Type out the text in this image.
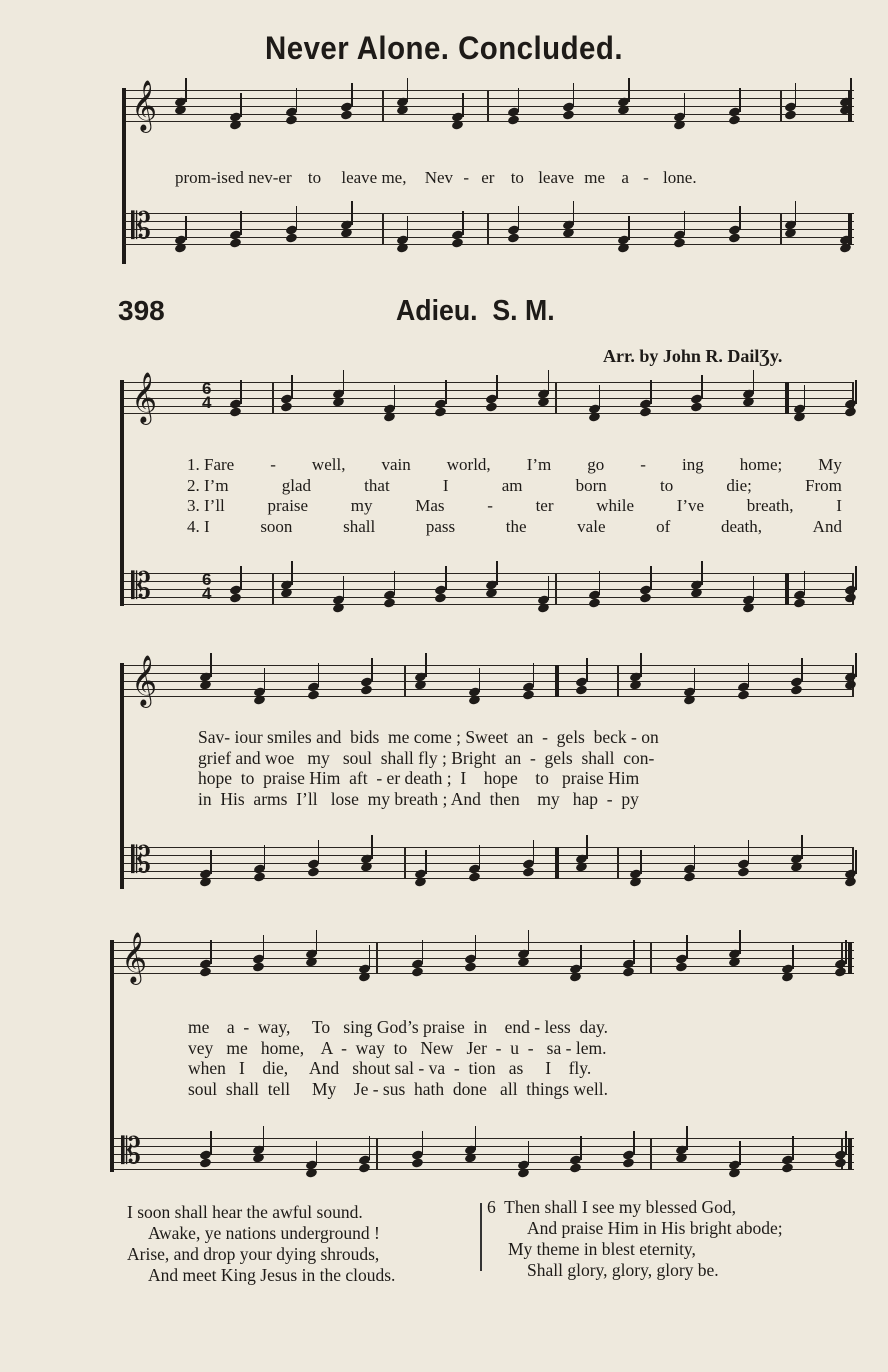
Never Alone. Concluded.
𝄞
𝄡
prom-ised nev-er to leave me, Nev - er to leave me a - lone.
398	Adieu. S. M.
Arr. by John R. DailƷy.
𝄞	6
4
1. Fare - well, vain world, I’m go - ing home; My
2. I’m	glad	that	I	am	born	to	die;	From
3. I’ll	praise	my	Mas	-	ter	while	I’ve	breath,	I
4. I	soon	shall	pass	the	vale	of	death,	And
𝄡	6
4
𝄞
Sav- iour smiles and  bids  me come ; Sweet  an  -  gels  beck - on
grief and woe   my   soul  shall fly ; Bright  an  -  gels  shall  con-
hope  to  praise Him  aft  - er death ;  I    hope    to   praise Him
in  His  arms  I’ll   lose  my breath ; And  then    my   hap  -  py
𝄡
𝄞
me    a  -  way,     To   sing God’s praise  in    end - less  day.
vey   me   home,    A  -  way  to   New   Jer  -  u  -   sa - lem.
when   I    die,     And   shout sal - va  -  tion   as     I    fly.
soul  shall  tell     My    Je - sus  hath  done   all  things well.
𝄡
I soon shall hear the awful sound.
Awake, ye nations underground !
Arise, and drop your dying shrouds,
And meet King Jesus in the clouds.
6  Then shall I see my blessed God,
And praise Him in His bright abode;
My theme in blest eternity,
Shall glory, glory, glory be.
